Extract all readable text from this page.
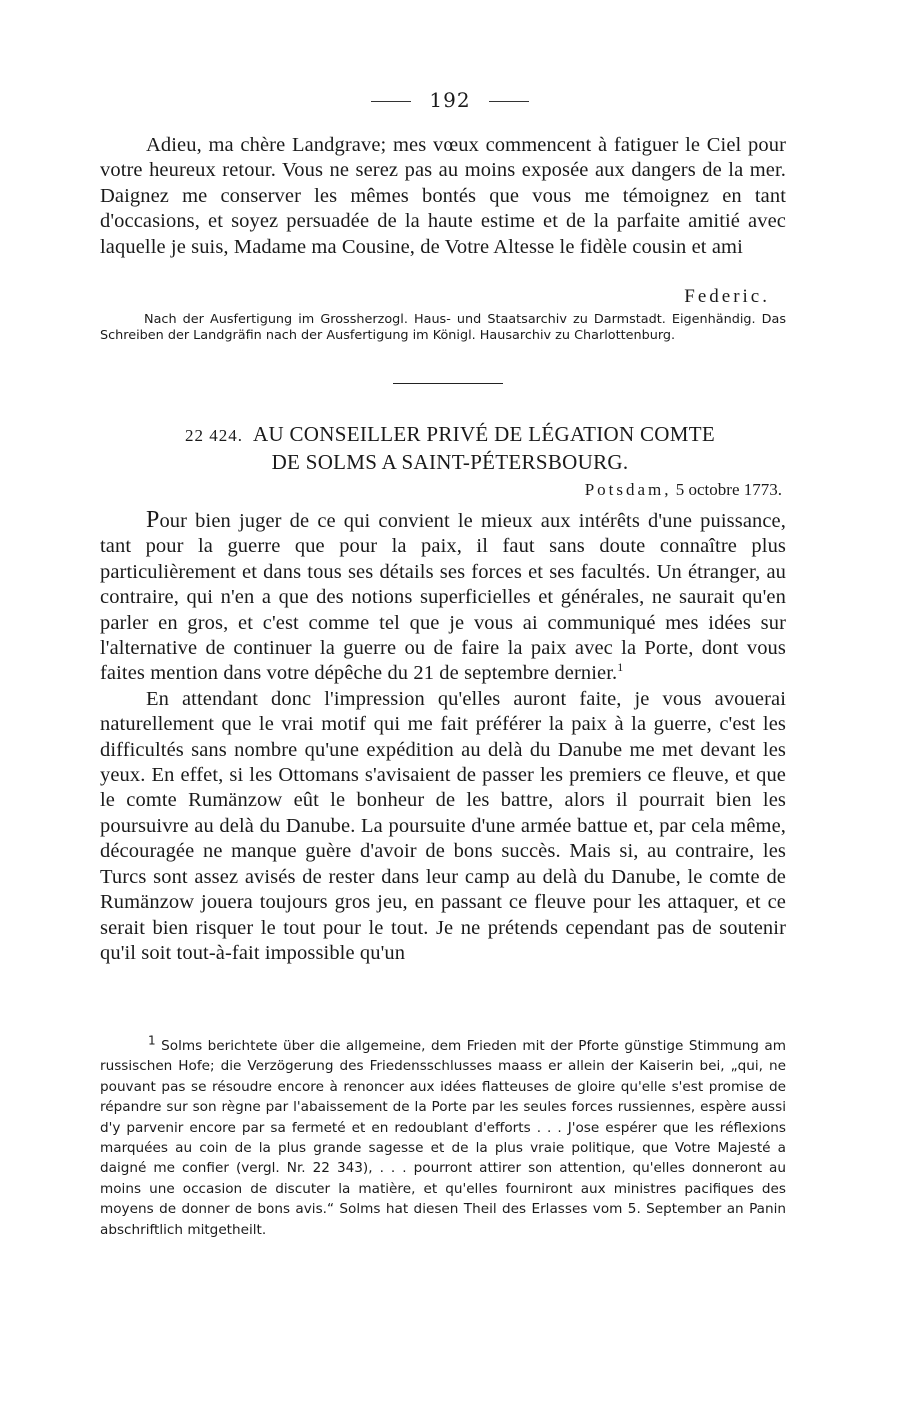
192

Adieu, ma chère Landgrave; mes vœux commencent à fatiguer le Ciel pour votre heureux retour. Vous ne serez pas au moins exposée aux dangers de la mer. Daignez me conserver les mêmes bontés que vous me témoignez en tant d'occasions, et soyez persuadée de la haute estime et de la parfaite amitié avec laquelle je suis, Madame ma Cousine, de Votre Altesse le fidèle cousin et ami

Federic.

Nach der Ausfertigung im Grossherzogl. Haus- und Staatsarchiv zu Darmstadt. Eigenhändig. Das Schreiben der Landgräfin nach der Ausfertigung im Königl. Hausarchiv zu Charlottenburg.

22 424. AU CONSEILLER PRIVÉ DE LÉGATION COMTE
DE SOLMS A SAINT-PÉTERSBOURG.
Potsdam, 5 octobre 1773.

Pour bien juger de ce qui convient le mieux aux intérêts d'une puissance, tant pour la guerre que pour la paix, il faut sans doute connaître plus particulièrement et dans tous ses détails ses forces et ses facultés. Un étranger, au contraire, qui n'en a que des notions superficielles et générales, ne saurait qu'en parler en gros, et c'est comme tel que je vous ai communiqué mes idées sur l'alternative de continuer la guerre ou de faire la paix avec la Porte, dont vous faites mention dans votre dépêche du 21 de septembre dernier.$^1$

En attendant donc l'impression qu'elles auront faite, je vous avouerai naturellement que le vrai motif qui me fait préférer la paix à la guerre, c'est les difficultés sans nombre qu'une expédition au delà du Danube me met devant les yeux. En effet, si les Ottomans s'avisaient de passer les premiers ce fleuve, et que le comte Rumänzow eût le bonheur de les battre, alors il pourrait bien les poursuivre au delà du Danube. La poursuite d'une armée battue et, par cela même, découragée ne manque guère d'avoir de bons succès. Mais si, au contraire, les Turcs sont assez avisés de rester dans leur camp au delà du Danube, le comte de Rumänzow jouera toujours gros jeu, en passant ce fleuve pour les attaquer, et ce serait bien risquer le tout pour le tout. Je ne prétends cependant pas de soutenir qu'il soit tout-à-fait impossible qu'un

1 Solms berichtete über die allgemeine, dem Frieden mit der Pforte günstige Stimmung am russischen Hofe; die Verzögerung des Friedensschlusses maass er allein der Kaiserin bei, „qui, ne pouvant pas se résoudre encore à renoncer aux idées flatteuses de gloire qu'elle s'est promise de répandre sur son règne par l'abaissement de la Porte par les seules forces russiennes, espère aussi d'y parvenir encore par sa fermeté et en redoublant d'efforts . . . J'ose espérer que les réflexions marquées au coin de la plus grande sagesse et de la plus vraie politique, que Votre Majesté a daigné me confier (vergl. Nr. 22 343), . . . pourront attirer son attention, qu'elles donneront au moins une occasion de discuter la matière, et qu'elles fourniront aux ministres pacifiques des moyens de donner de bons avis.“ Solms hat diesen Theil des Erlasses vom 5. September an Panin abschriftlich mitgetheilt.
